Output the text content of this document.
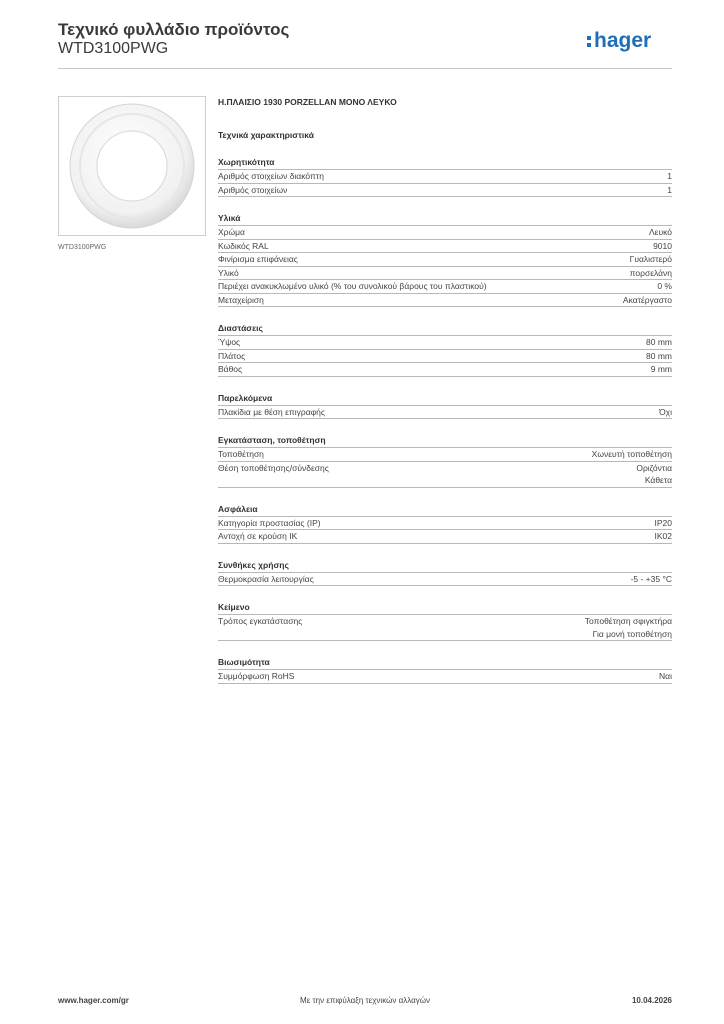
Τεχνικό φυλλάδιο προϊόντος
WTD3100PWG	hager
WTD3100PWG
Η.ΠΛΑΙΣΙΟ 1930 PORZELLAN ΜΟΝΟ ΛΕΥΚΟ
Τεχνικά χαρακτηριστικά
Χωρητικότητα
Αριθμός στοιχείων διακόπτη	1
Αριθμός στοιχείων	1
Υλικά
Χρώμα	Λευκό
Κωδικός RAL	9010
Φινίρισμα επιφάνειας	Γυαλιστερό
Υλικό	πορσελάνη
Περιέχει ανακυκλωμένο υλικό (% του συνολικού βάρους του πλαστικού)	0 %
Μεταχείριση	Ακατέργαστο
Διαστάσεις
Ύψος	80 mm
Πλάτος	80 mm
Βάθος	9 mm
Παρελκόμενα
Πλακίδια με θέση επιγραφής	Όχι
Εγκατάσταση, τοποθέτηση
Τοποθέτηση	Χωνευτή τοποθέτηση
Θέση τοποθέτησης/σύνδεσης	Οριζόντια
Κάθετα
Ασφάλεια
Κατηγορία προστασίας (IP)	IP20
Αντοχή σε κρούση IK	IK02
Συνθήκες χρήσης
Θερμοκρασία λειτουργίας	-5 - +35 °C
Κείμενο
Τρόπος εγκατάστασης	Τοποθέτηση σφιγκτήρα
Για μονή τοποθέτηση
Βιωσιμότητα
Συμμόρφωση RoHS	Ναι
www.hager.com/gr	Με την επιφύλαξη τεχνικών αλλαγών	10.04.2026
